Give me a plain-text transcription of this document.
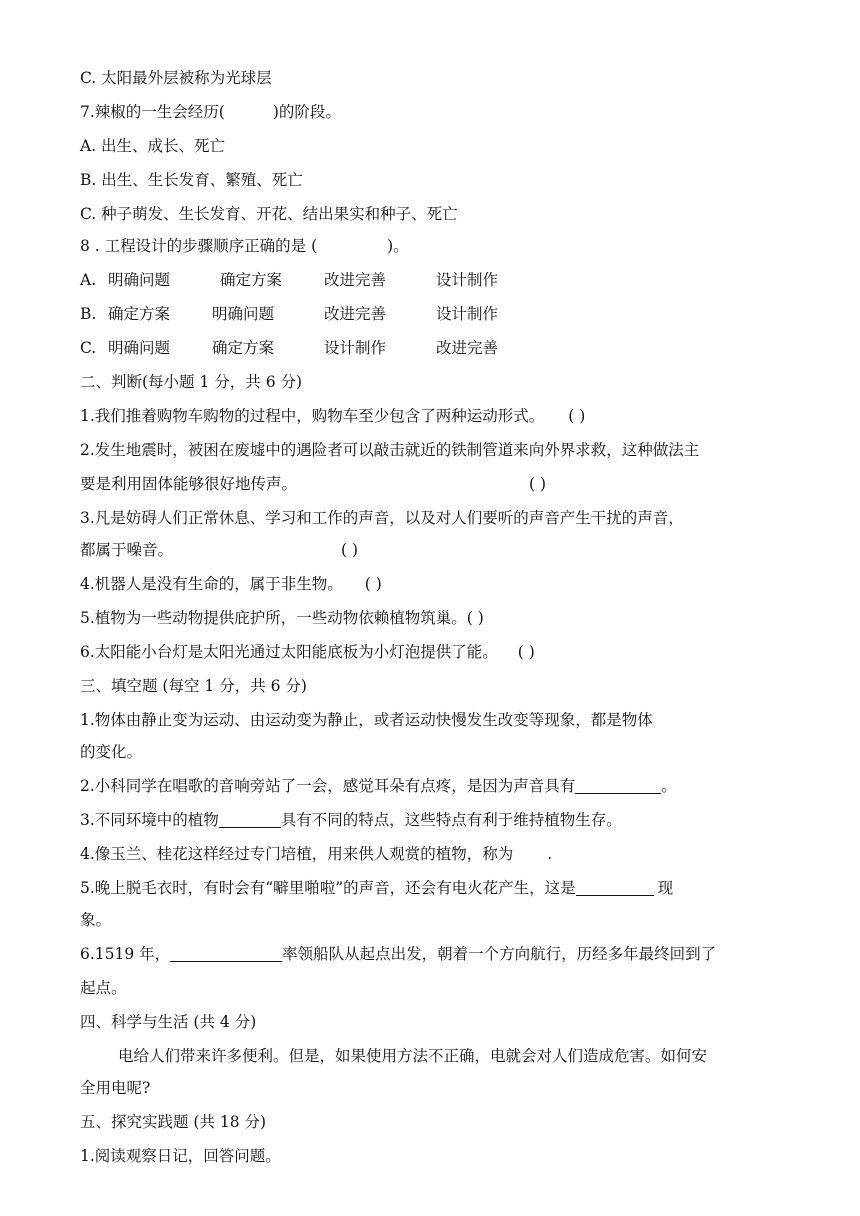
C. 太阳最外层被称为光球层
7.辣椒的一生会经历(	)的阶段。
A. 出生、成长、死亡
B. 出生、生长发育、繁殖、死亡
C. 种子萌发、生长发育、开花、结出果实和种子、死亡
8 . 工程设计的步骤顺序正确的是 (	)。
A. 明确问题	确定方案	改进完善	设计制作
B. 确定方案	明确问题	改进完善	设计制作
C. 明确问题	确定方案	设计制作	改进完善
二、判断(每小题 1 分，共 6 分)
1.我们推着购物车购物的过程中，购物车至少包含了两种运动形式。 ( )
2.发生地震时，被困在废墟中的遇险者可以敲击就近的铁制管道来向外界求救，这种做法主
要是利用固体能够很好地传声。	( )
3.凡是妨碍人们正常休息、学习和工作的声音，以及对人们要听的声音产生干扰的声音，
都属于噪音。	( )
4.机器人是没有生命的，属于非生物。 ( )
5.植物为一些动物提供庇护所，一些动物依赖植物筑巢。( )
6.太阳能小台灯是太阳光通过太阳能底板为小灯泡提供了能。 ( )
三、填空题 (每空 1 分，共 6 分)
1.物体由静止变为运动、由运动变为静止，或者运动快慢发生改变等现象，都是物体
的变化。
2.小科同学在唱歌的音响旁站了一会，感觉耳朵有点疼，是因为声音具有	。
3.不同环境中的植物	具有不同的特点，这些特点有利于维持植物生存。
4.像玉兰、桂花这样经过专门培植，用来供人观赏的植物，称为 .
5.晚上脱毛衣时，有时会有“噼里啪啦”的声音，还会有电火花产生，这是	现
象。
6.1519 年，	率领船队从起点出发，朝着一个方向航行，历经多年最终回到了
起点。
四、科学与生活 (共 4 分)
电给人们带来许多便利。但是，如果使用方法不正确，电就会对人们造成危害。如何安
全用电呢?
五、探究实践题 (共 18 分)
1.阅读观察日记，回答问题。
